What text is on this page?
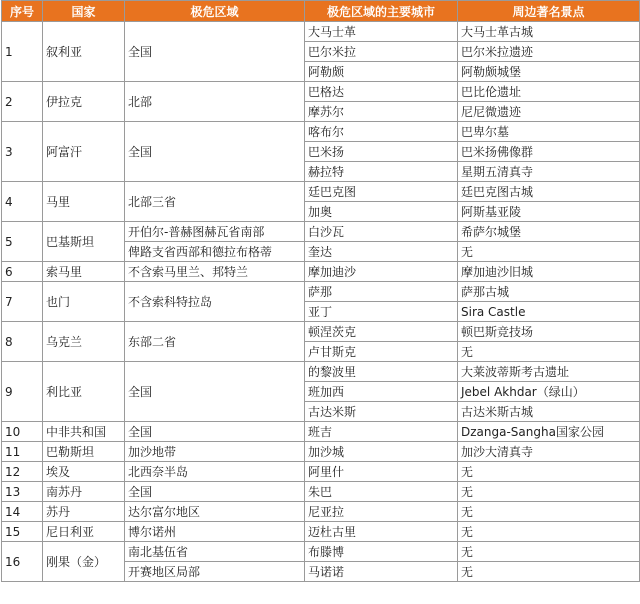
序号	国家	极危区域	极危区域的主要城市	周边著名景点
1	叙利亚	全国	大马士革	大马士革古城
			巴尔米拉	巴尔米拉遗迹
			阿勒颇	阿勒颇城堡
2	伊拉克	北部	巴格达	巴比伦遗址
			摩苏尔	尼尼微遗迹
3	阿富汗	全国	喀布尔	巴卑尔墓
			巴米扬	巴米扬佛像群
			赫拉特	星期五清真寺
4	马里	北部三省	廷巴克图	廷巴克图古城
			加奥	阿斯基亚陵
5	巴基斯坦	开伯尔-普赫图赫瓦省南部	白沙瓦	希萨尔城堡
		俾路支省西部和德拉布格蒂	奎达	无
6	索马里	不含索马里兰、邦特兰	摩加迪沙	摩加迪沙旧城
7	也门	不含索科特拉岛	萨那	萨那古城
			亚丁	Sira Castle
8	乌克兰	东部二省	顿涅茨克	顿巴斯竞技场
			卢甘斯克	无
9	利比亚	全国	的黎波里	大莱波蒂斯考古遗址
			班加西	Jebel Akhdar（绿山）
			古达米斯	古达米斯古城
10	中非共和国	全国	班吉	Dzanga-Sangha国家公园
11	巴勒斯坦	加沙地带	加沙城	加沙大清真寺
12	埃及	北西奈半岛	阿里什	无
13	南苏丹	全国	朱巴	无
14	苏丹	达尔富尔地区	尼亚拉	无
15	尼日利亚	博尔诺州	迈杜古里	无
16	刚果（金）	南北基伍省	布滕博	无
		开赛地区局部	马诺诺	无
